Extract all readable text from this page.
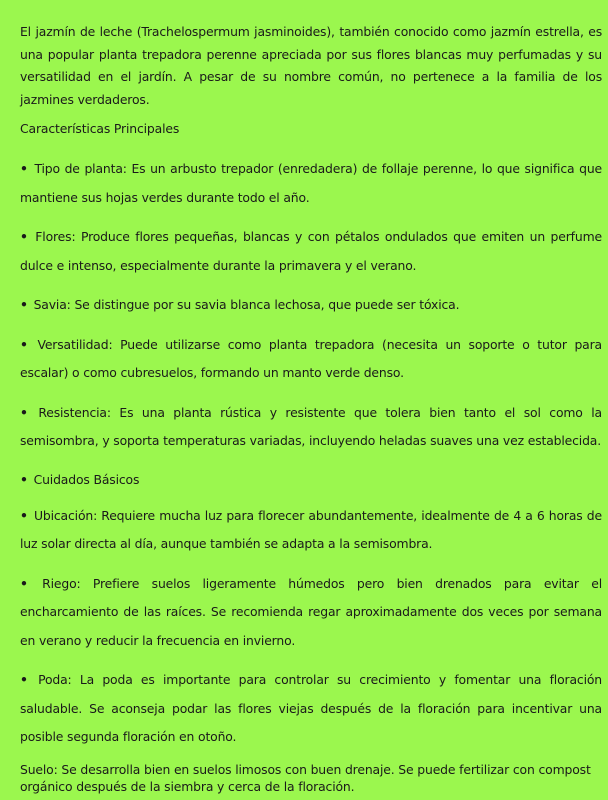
El jazmín de leche (Trachelospermum jasminoides), también conocido como jazmín estrella, es una popular planta trepadora perenne apreciada por sus flores blancas muy perfumadas y su versatilidad en el jardín. A pesar de su nombre común, no pertenece a la familia de los jazmines verdaderos.

Características Principales

• Tipo de planta: Es un arbusto trepador (enredadera) de follaje perenne, lo que significa que mantiene sus hojas verdes durante todo el año.

• Flores: Produce flores pequeñas, blancas y con pétalos ondulados que emiten un perfume dulce e intenso, especialmente durante la primavera y el verano.

• Savia: Se distingue por su savia blanca lechosa, que puede ser tóxica.

• Versatilidad: Puede utilizarse como planta trepadora (necesita un soporte o tutor para escalar) o como cubresuelos, formando un manto verde denso.

• Resistencia: Es una planta rústica y resistente que tolera bien tanto el sol como la semisombra, y soporta temperaturas variadas, incluyendo heladas suaves una vez establecida.

• Cuidados Básicos

• Ubicación: Requiere mucha luz para florecer abundantemente, idealmente de 4 a 6 horas de luz solar directa al día, aunque también se adapta a la semisombra.

• Riego: Prefiere suelos ligeramente húmedos pero bien drenados para evitar el encharcamiento de las raíces. Se recomienda regar aproximadamente dos veces por semana en verano y reducir la frecuencia en invierno.

• Poda: La poda es importante para controlar su crecimiento y fomentar una floración saludable. Se aconseja podar las flores viejas después de la floración para incentivar una posible segunda floración en otoño.

Suelo: Se desarrolla bien en suelos limosos con buen drenaje. Se puede fertilizar con compost orgánico después de la siembra y cerca de la floración.
